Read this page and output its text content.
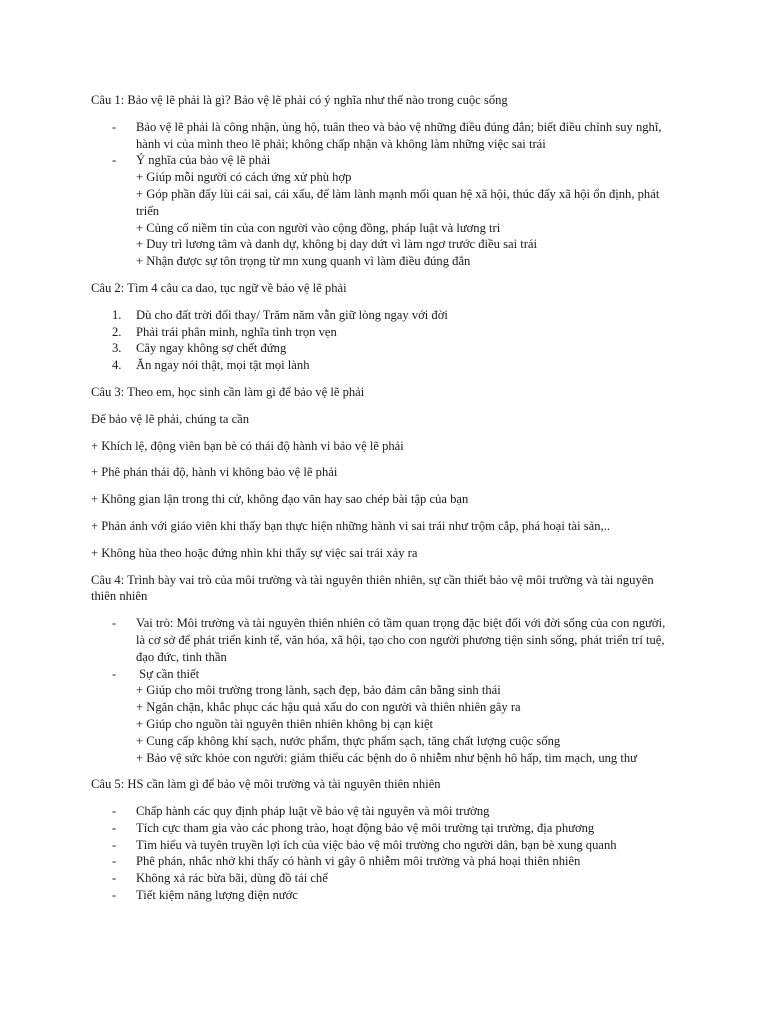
Câu 1: Bảo vệ lẽ phải là gì? Bảo vệ lẽ phải có ý nghĩa như thế nào trong cuộc sống

-	Bảo vệ lẽ phải là công nhận, ủng hộ, tuân theo và bảo vệ những điều đúng đắn; biết điều chỉnh suy nghĩ, hành vi của mình theo lẽ phải; không chấp nhận và không làm những việc sai trái
-	Ý nghĩa của bảo vệ lẽ phải
+ Giúp mỗi người có cách ứng xử phù hợp
+ Góp phần đẩy lùi cái sai, cái xấu, để làm lành mạnh mối quan hệ xã hội, thúc đẩy xã hội ổn định, phát triển
+ Củng cố niềm tin của con người vào cộng đồng, pháp luật và lương tri
+ Duy trì lương tâm và danh dự, không bị day dứt vì làm ngơ trước điều sai trái
+ Nhận được sự tôn trọng từ mn xung quanh vì làm điều đúng đắn

Câu 2: Tìm 4 câu ca dao, tục ngữ về bảo vệ lẽ phải

1.	Dù cho đất trời đổi thay/ Trăm năm vẫn giữ lòng ngay với đời
2.	Phải trái phân minh, nghĩa tình trọn vẹn
3.	Cây ngay không sợ chết đứng
4.	Ăn ngay nói thật, mọi tật mọi lành

Câu 3: Theo em, học sinh cần làm gì để bảo vệ lẽ phải

Để bảo vệ lẽ phải, chúng ta cần

+ Khích lệ, động viên bạn bè có thái độ hành vi bảo vệ lẽ phải

+ Phê phán thái độ, hành vi không bảo vệ lẽ phải

+ Không gian lận trong thi cử, không đạo văn hay sao chép bài tập của bạn

+ Phản ánh với giáo viên khi thấy bạn thực hiện những hành vi sai trái như trộm cắp, phá hoại tài sản,..

+ Không hùa theo hoặc đứng nhìn khi thấy sự việc sai trái xảy ra

Câu 4: Trình bày vai trò của môi trường và tài nguyên thiên nhiên, sự cần thiết bảo vệ môi trường và tài nguyên thiên nhiên

-	Vai trò: Môi trường và tài nguyên thiên nhiên có tầm quan trọng đặc biệt đối với đời sống của con người, là cơ sở để phát triển kinh tế, văn hóa, xã hội, tạo cho con người phương tiện sinh sống, phát triển trí tuệ, đạo đức, tinh thần
-	Sự cần thiết
+ Giúp cho môi trường trong lành, sạch đẹp, bảo đảm cân bằng sinh thái
+ Ngăn chặn, khắc phục các hậu quả xấu do con người và thiên nhiên gây ra
+ Giúp cho nguồn tài nguyên thiên nhiên không bị cạn kiệt
+ Cung cấp không khí sạch, nước phẩm, thực phẩm sạch, tăng chất lượng cuộc sống
+ Bảo vệ sức khỏe con người: giảm thiểu các bệnh do ô nhiễm như bệnh hô hấp, tim mạch, ung thư

Câu 5: HS cần làm gì để bảo vệ môi trường và tài nguyên thiên nhiên

-	Chấp hành các quy định pháp luật về bảo vệ tài nguyên và môi trường
-	Tích cực tham gia vào các phong trào, hoạt động bảo vệ môi trường tại trường, địa phương
-	Tìm hiểu và tuyên truyền lợi ích của việc bảo vệ môi trường cho người dân, bạn bè xung quanh
-	Phê phán, nhắc nhở khi thấy có hành vi gây ô nhiễm môi trường và phá hoại thiên nhiên
-	Không xả rác bừa bãi, dùng đồ tái chế
-	Tiết kiệm năng lượng điện nước
